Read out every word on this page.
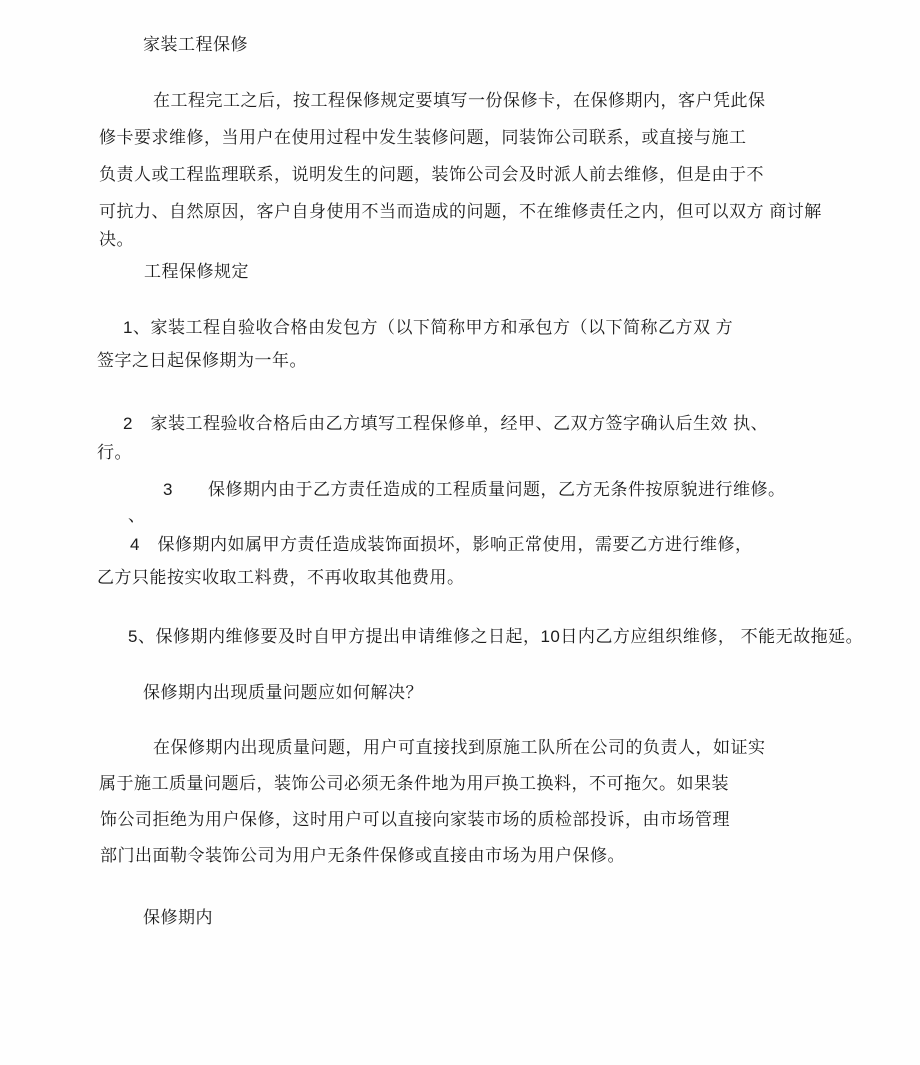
家装工程保修
在工程完工之后，按工程保修规定要填写一份保修卡，在保修期内，客户凭此保
修卡要求维修，当用户在使用过程中发生装修问题，同装饰公司联系，或直接与施工
负责人或工程监理联系，说明发生的问题，装饰公司会及时派人前去维修，但是由于不
可抗力、自然原因，客户自身使用不当而造成的问题，不在维修责任之内，但可以双方 商讨解
决。
工程保修规定
1、家装工程自验收合格由发包方（以下简称甲方和承包方（以下简称乙方双 方
签字之日起保修期为一年。
2　家装工程验收合格后由乙方填写工程保修单，经甲、乙双方签字确认后生效 执、
行。
3　　保修期内由于乙方责任造成的工程质量问题，乙方无条件按原貌进行维修。
、
4　保修期内如属甲方责任造成装饰面损坏，影响正常使用，需要乙方进行维修，
乙方只能按实收取工料费，不再收取其他费用。
5、保修期内维修要及时自甲方提出申请维修之日起，10日内乙方应组织维修， 不能无故拖延。
保修期内出现质量问题应如何解决？
在保修期内出现质量问题，用户可直接找到原施工队所在公司的负责人，如证实
属于施工质量问题后，装饰公司必须无条件地为用戸换工换料，不可拖欠。如果装
饰公司拒绝为用户保修，这时用户可以直接向家装市场的质检部投诉，由市场管理
部门出面勒令装饰公司为用户无条件保修或直接由市场为用户保修。
保修期内
